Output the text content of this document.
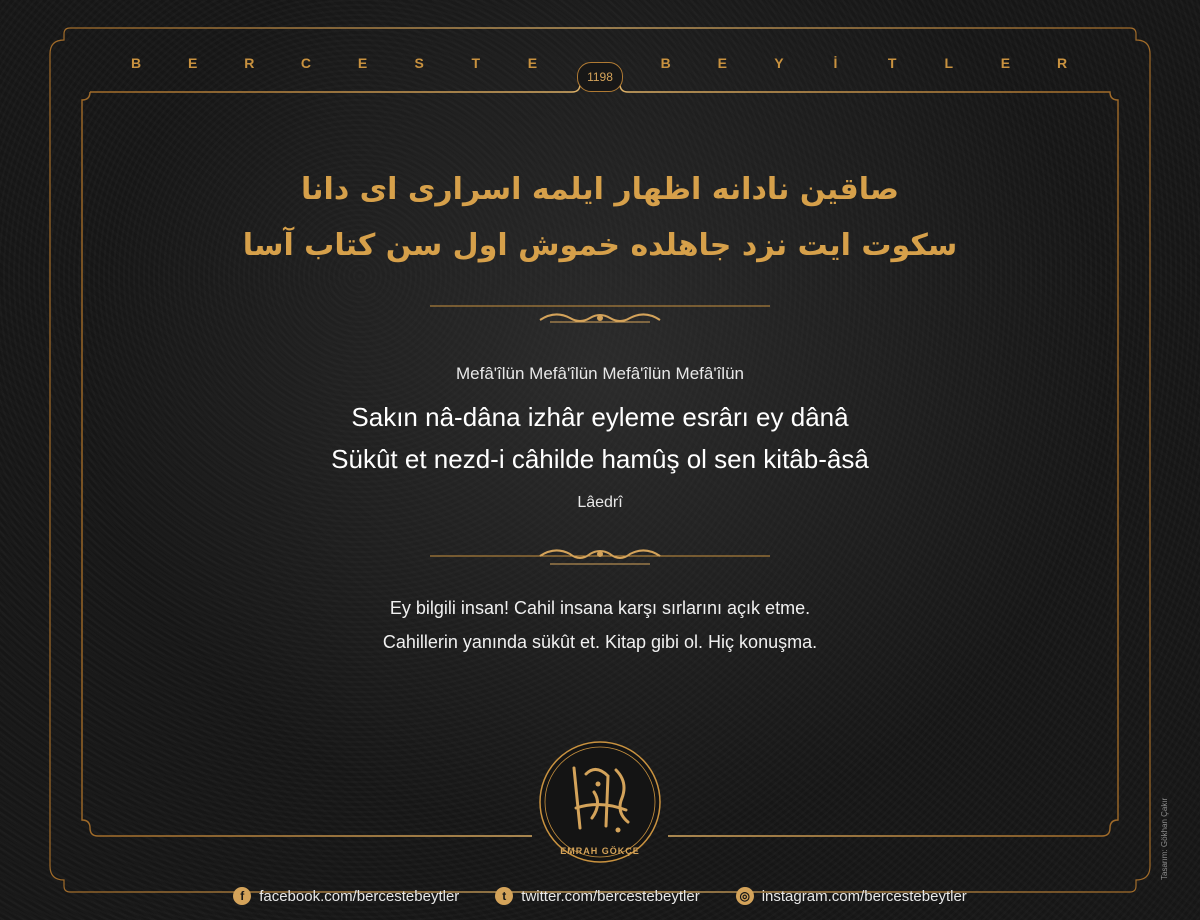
B	E	R	C	E	S	T	E	B	E	Y	İ	T	L	E	R
1198
صاقين نادانه اظهار ايلمه اسرارى اى دانا
سكوت ايت نزد جاهلده خموش اول سن كتاب آسا
Mefâ'îlün Mefâ'îlün Mefâ'îlün Mefâ'îlün
Sakın nâ-dâna izhâr eyleme esrârı ey dânâ
Sükût et nezd-i câhilde hamûş ol sen kitâb-âsâ
Lâedrî
Ey bilgili insan! Cahil insana karşı sırlarını açık etme.
Cahillerin yanında sükût et. Kitap gibi ol. Hiç konuşma.
EMRAH GÖKÇE
f	facebook.com/bercestebeytler	t	twitter.com/bercestebeytler	◎ instagram.com/bercestebeytler
Tasarım: Gökhan Çakır
